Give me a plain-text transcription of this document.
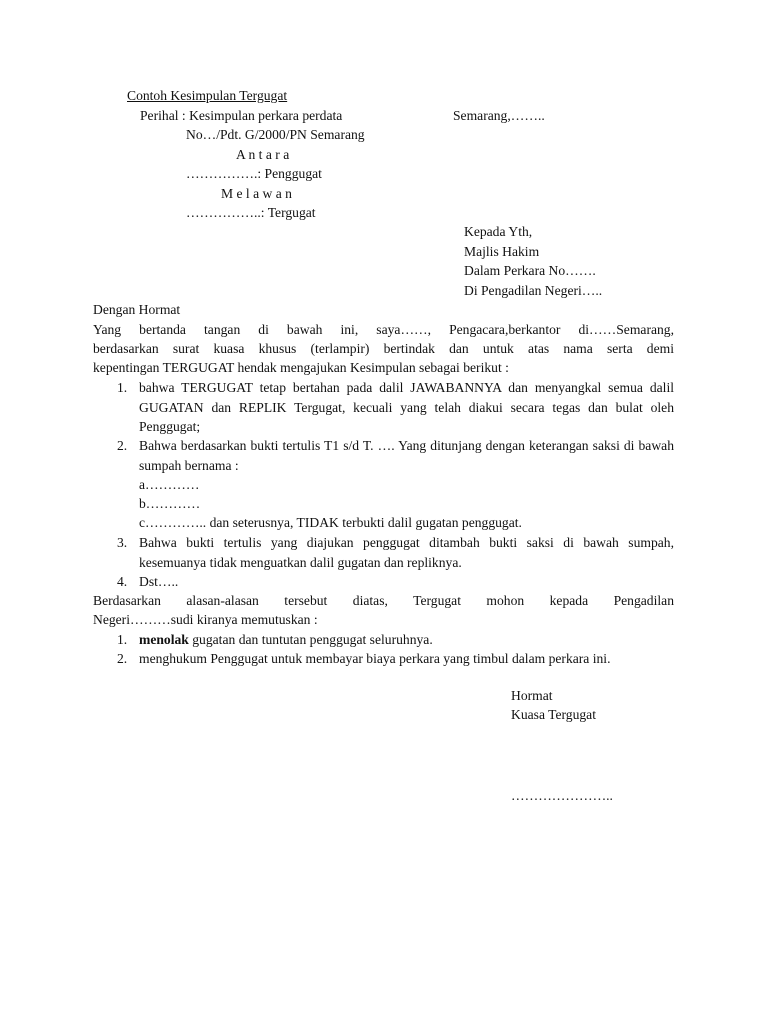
Contoh Kesimpulan Tergugat
Perihal : Kesimpulan perkara perdata	Semarang,……..
No…/Pdt. G/2000/PN Semarang
A n t a r a
…………….: Penggugat
M e l a w a n
……………..: Tergugat
Kepada Yth,
Majlis Hakim
Dalam Perkara No…….
Di Pengadilan Negeri…..
Dengan Hormat
Yang bertanda tangan di bawah ini, saya……, Pengacara,berkantor di……Semarang,
berdasarkan surat kuasa khusus (terlampir) bertindak dan untuk atas nama serta demi
kepentingan TERGUGAT hendak mengajukan Kesimpulan sebagai berikut :
1. bahwa TERGUGAT tetap bertahan pada dalil JAWABANNYA dan menyangkal semua dalil GUGATAN dan REPLIK Tergugat, kecuali yang telah diakui secara tegas dan bulat oleh Penggugat;
2. Bahwa berdasarkan bukti tertulis T1 s/d T. …. Yang ditunjang dengan keterangan saksi di bawah sumpah bernama :
a…………
b…………
c………….. dan seterusnya, TIDAK terbukti dalil gugatan penggugat.
3. Bahwa bukti tertulis yang diajukan penggugat ditambah bukti saksi di bawah sumpah, kesemuanya tidak menguatkan dalil gugatan dan repliknya.
4. Dst…..
Berdasarkan alasan-alasan tersebut diatas, Tergugat mohon kepada Pengadilan
Negeri………sudi kiranya memutuskan :
1. menolak gugatan dan tuntutan penggugat seluruhnya.
2. menghukum Penggugat untuk membayar biaya perkara yang timbul dalam perkara ini.
Hormat
Kuasa Tergugat
…………………..
